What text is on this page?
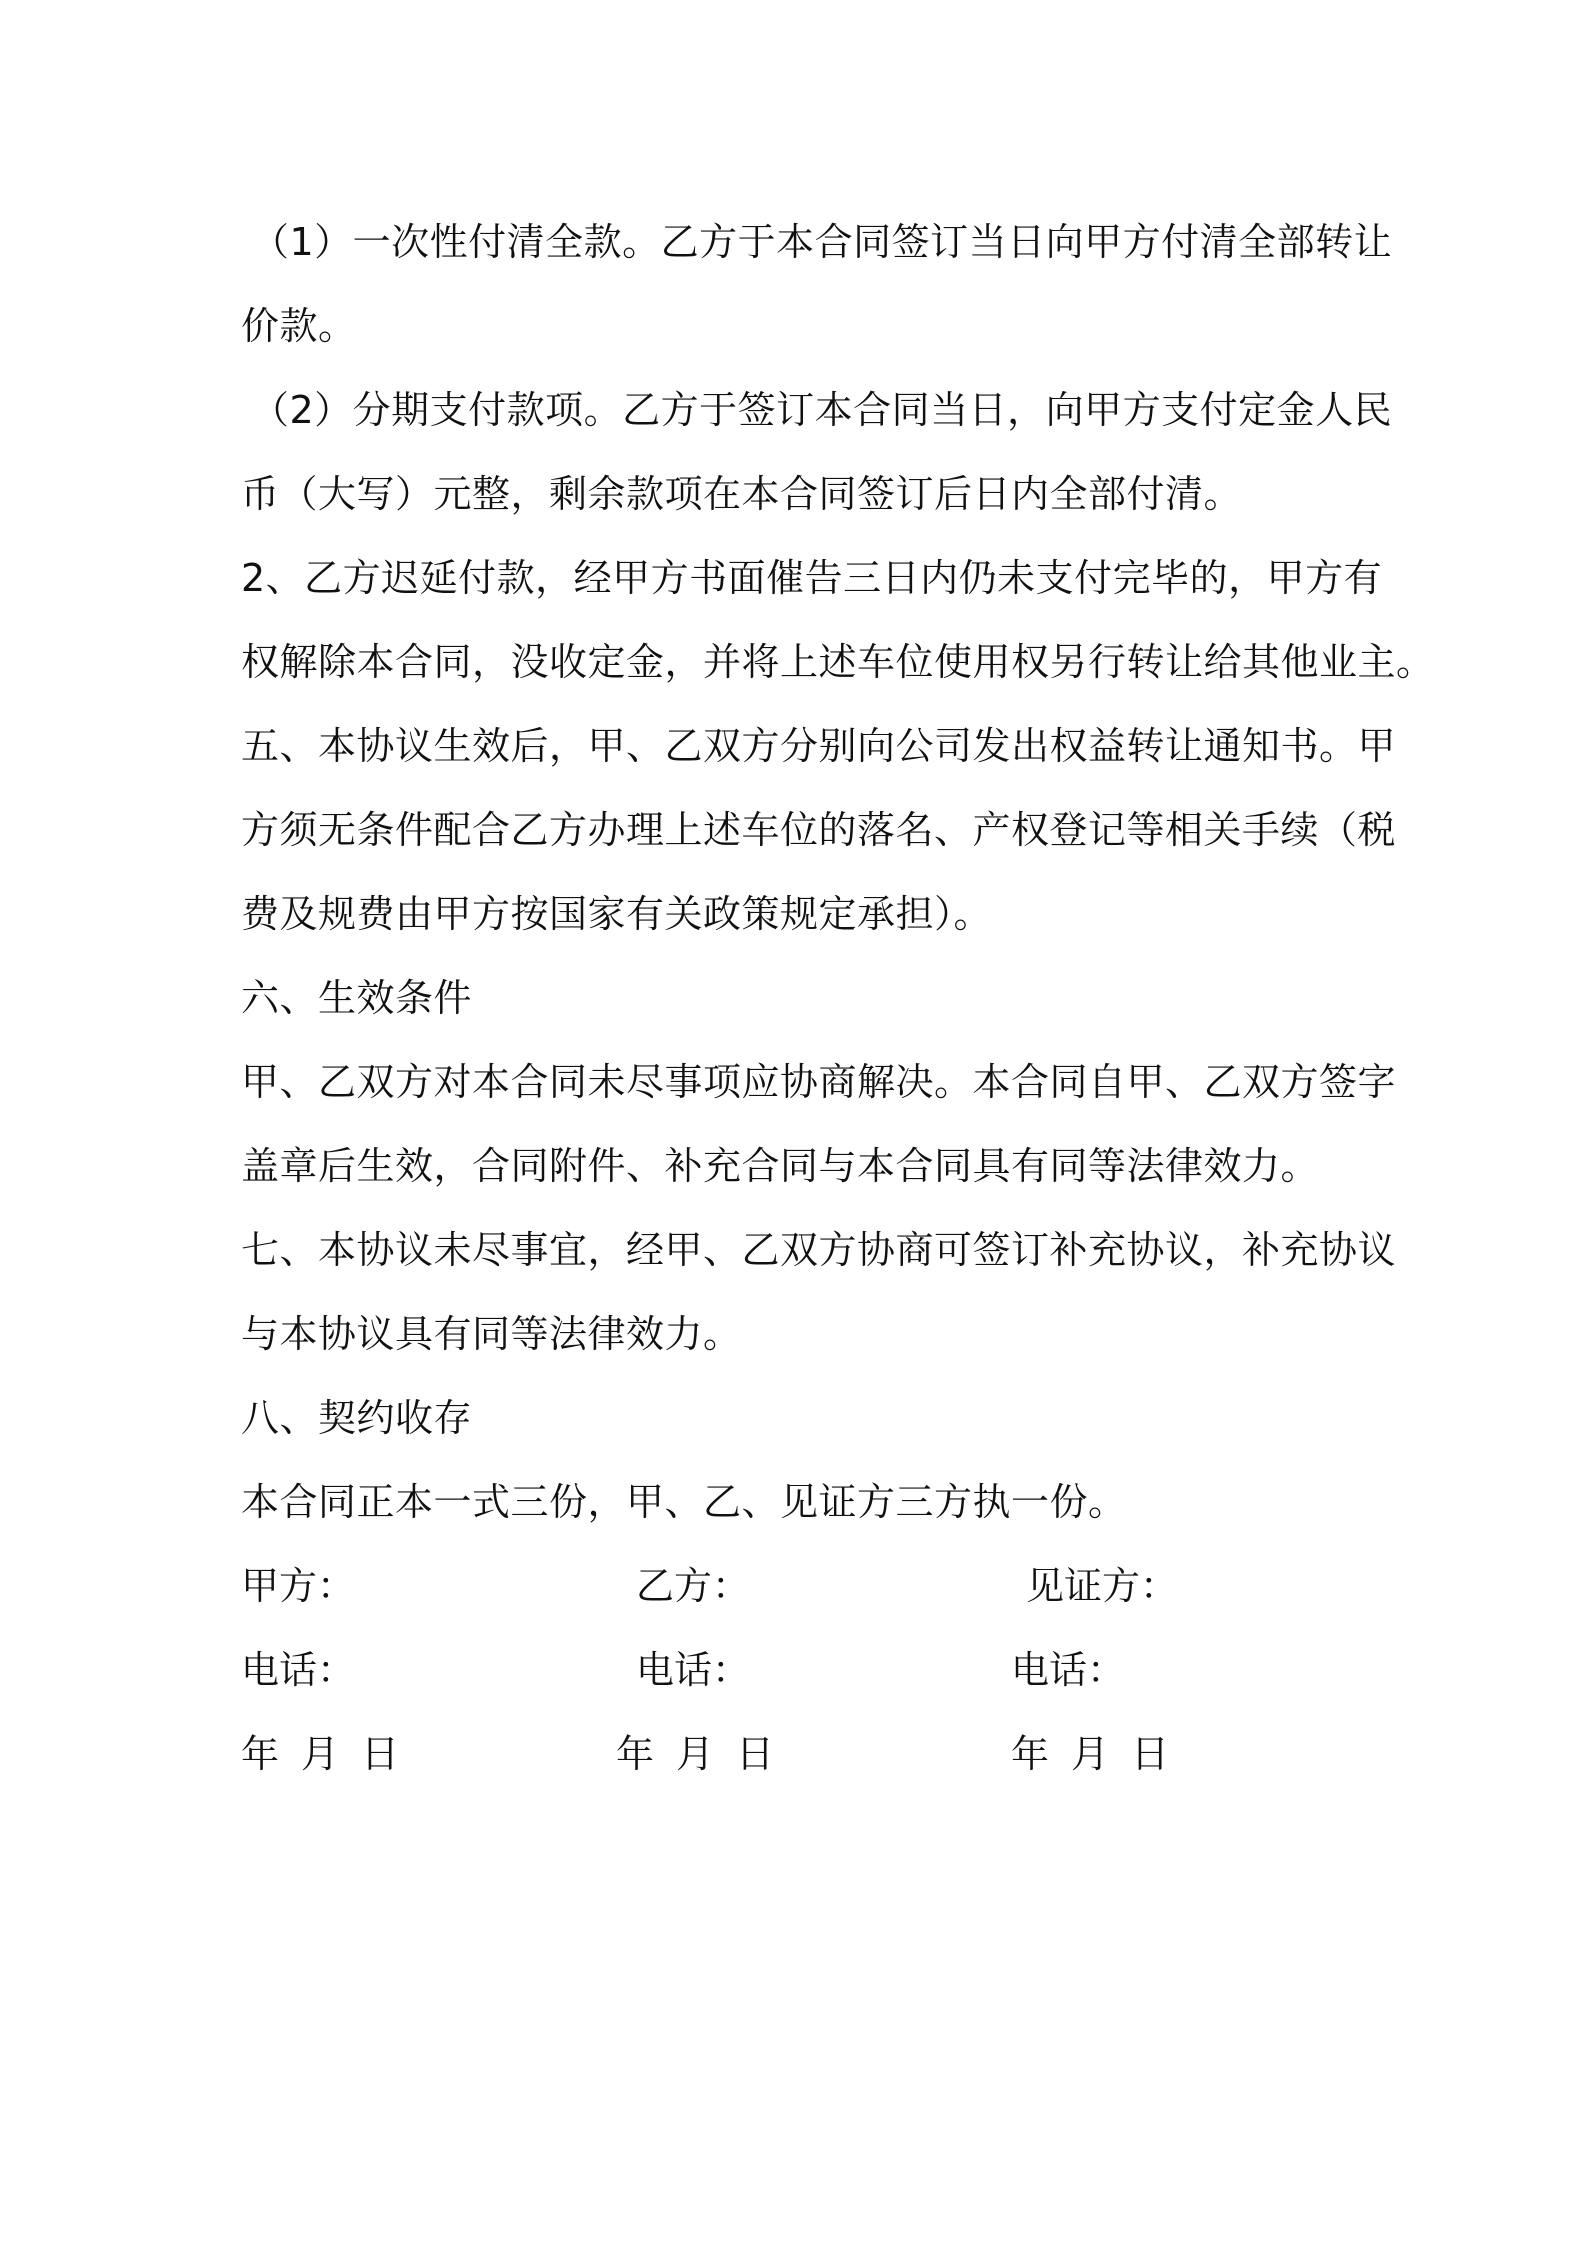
（1）一次性付清全款。乙方于本合同签订当日向甲方付清全部转让
价款。
（2）分期支付款项。乙方于签订本合同当日，向甲方支付定金人民
币（大写）元整，剩余款项在本合同签订后日内全部付清。
2、乙方迟延付款，经甲方书面催告三日内仍未支付完毕的，甲方有
权解除本合同，没收定金，并将上述车位使用权另行转让给其他业主。
五、本协议生效后，甲、乙双方分别向公司发出权益转让通知书。甲
方须无条件配合乙方办理上述车位的落名、产权登记等相关手续（税
费及规费由甲方按国家有关政策规定承担）。
六、生效条件
甲、乙双方对本合同未尽事项应协商解决。本合同自甲、乙双方签字
盖章后生效，合同附件、补充合同与本合同具有同等法律效力。
七、本协议未尽事宜，经甲、乙双方协商可签订补充协议，补充协议
与本协议具有同等法律效力。
八、契约收存
本合同正本一式三份，甲、乙、见证方三方执一份。
甲方：	乙方：	见证方：
电话：	电话：	电话：
年 月 日	年 月 日	年 月 日
